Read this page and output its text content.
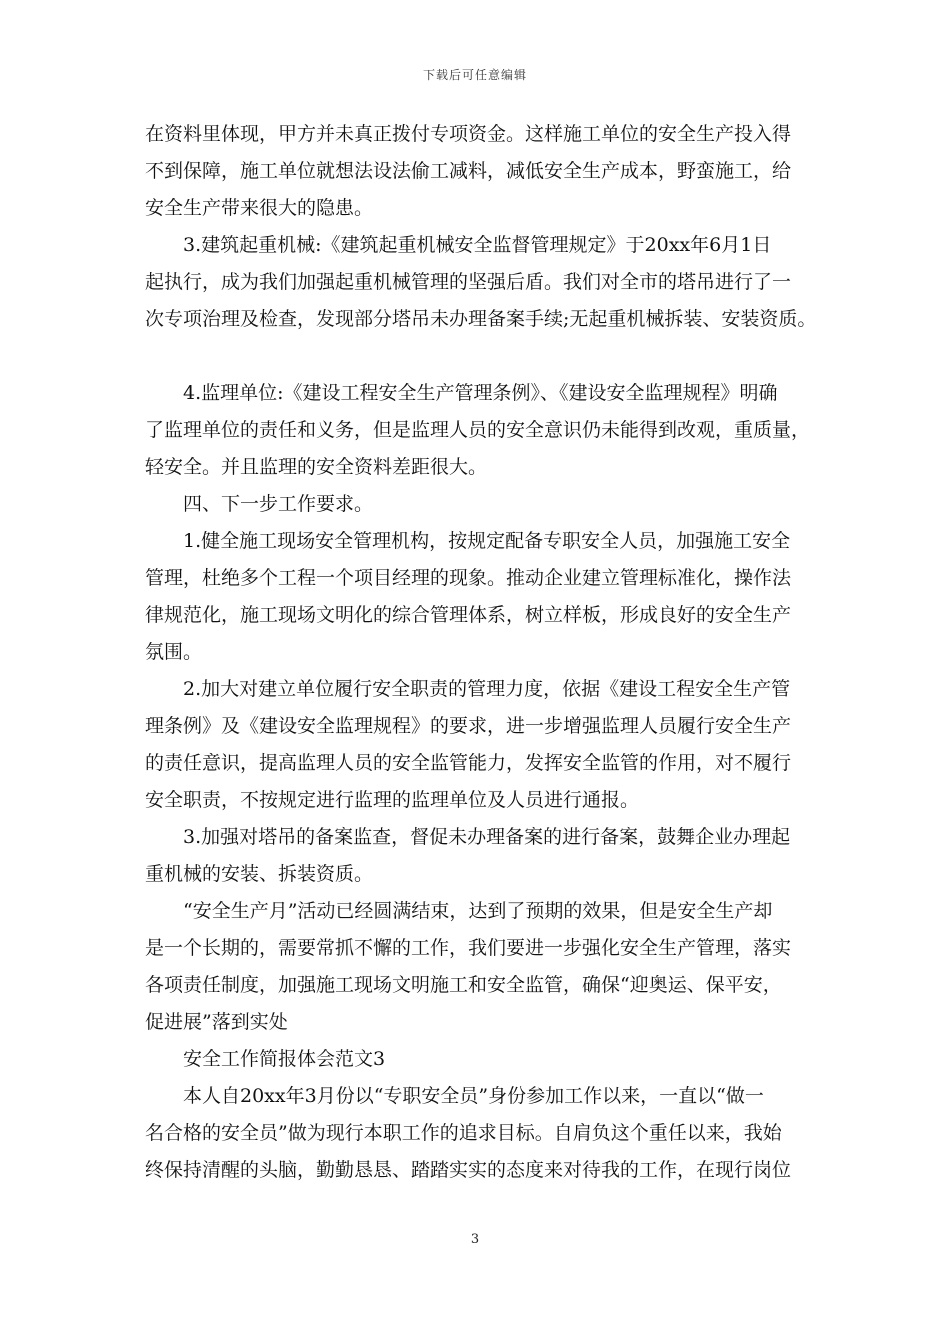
下载后可任意编辑
在资料里体现，甲方并未真正拨付专项资金。这样施工单位的安全生产投入得
不到保障，施工单位就想法设法偷工减料，减低安全生产成本，野蛮施工，给
安全生产带来很大的隐患。
3.建筑起重机械:《建筑起重机械安全监督管理规定》于20xx年6月1日
起执行，成为我们加强起重机械管理的坚强后盾。我们对全市的塔吊进行了一
次专项治理及检查，发现部分塔吊未办理备案手续;无起重机械拆装、安装资质。
4.监理单位:《建设工程安全生产管理条例》、《建设安全监理规程》明确
了监理单位的责任和义务，但是监理人员的安全意识仍未能得到改观，重质量，
轻安全。并且监理的安全资料差距很大。
四、下一步工作要求。
1.健全施工现场安全管理机构，按规定配备专职安全人员，加强施工安全
管理，杜绝多个工程一个项目经理的现象。推动企业建立管理标准化，操作法
律规范化，施工现场文明化的综合管理体系，树立样板，形成良好的安全生产
氛围。
2.加大对建立单位履行安全职责的管理力度，依据《建设工程安全生产管
理条例》及《建设安全监理规程》的要求，进一步增强监理人员履行安全生产
的责任意识，提高监理人员的安全监管能力，发挥安全监管的作用，对不履行
安全职责，不按规定进行监理的监理单位及人员进行通报。
3.加强对塔吊的备案监查，督促未办理备案的进行备案，鼓舞企业办理起
重机械的安装、拆装资质。
“安全生产月”活动已经圆满结束，达到了预期的效果，但是安全生产却
是一个长期的，需要常抓不懈的工作，我们要进一步强化安全生产管理，落实
各项责任制度，加强施工现场文明施工和安全监管，确保“迎奥运、保平安，
促进展”落到实处
安全工作简报体会范文3
本人自20xx年3月份以“专职安全员”身份参加工作以来，一直以“做一
名合格的安全员”做为现行本职工作的追求目标。自肩负这个重任以来，我始
终保持清醒的头脑，勤勤恳恳、踏踏实实的态度来对待我的工作，在现行岗位
3
